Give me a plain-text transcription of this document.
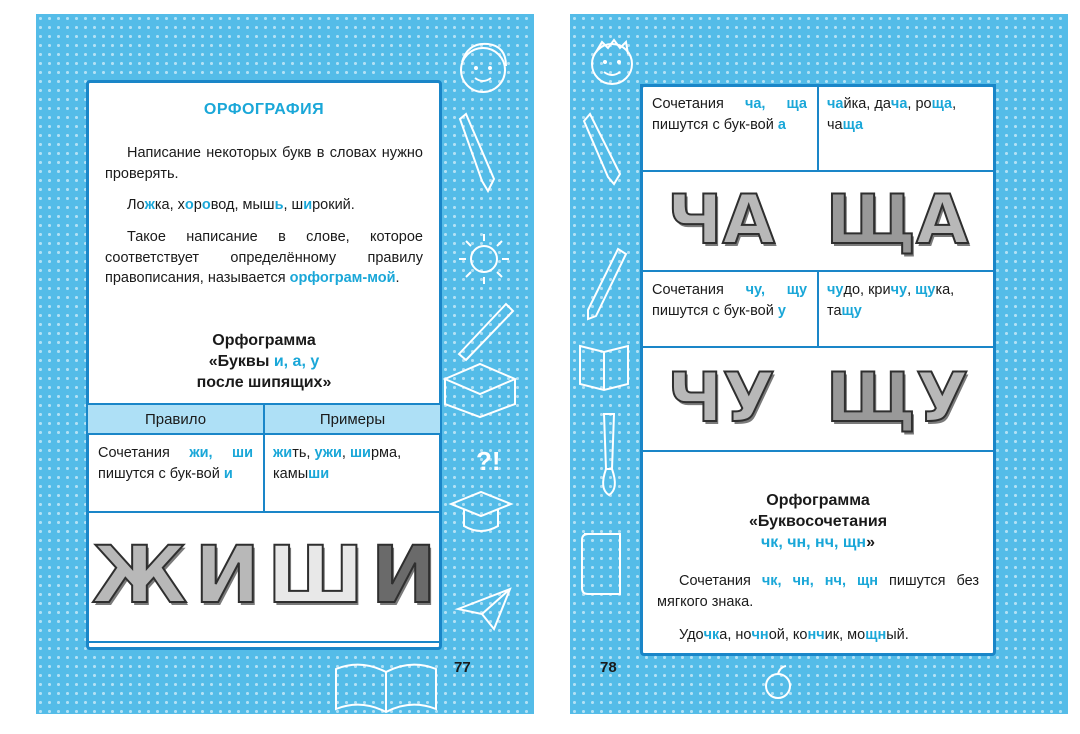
?!
77
ОРФОГРАФИЯ
Написание некоторых букв в словах нужно проверять.
Ложка, хоровод, мышь, широкий.
Такое написание в слове, которое соответствует определённому правилу правописания, называется орфограм-мой.
Орфограмма
«Буквы и, а, у
после шипящих»
Правило	Примеры

Сочетания жи, ши пишутся с бук-вой и	жить, ужи, ширма, камыши

Ж И Ш И	
78
Сочетания ча, ща пишутся с бук-вой а	чайка, дача, роща, чаща

ЧА ЩА	

Сочетания чу, щу пишутся с бук-вой у	чудо, кричу, щука, тащу

ЧУ ЩУ	
Орфограмма
«Буквосочетания
чк, чн, нч, щн»
Сочетания чк, чн, нч, щн пишутся без мягкого знака.
Удочка, ночной, кончик, мощный.
